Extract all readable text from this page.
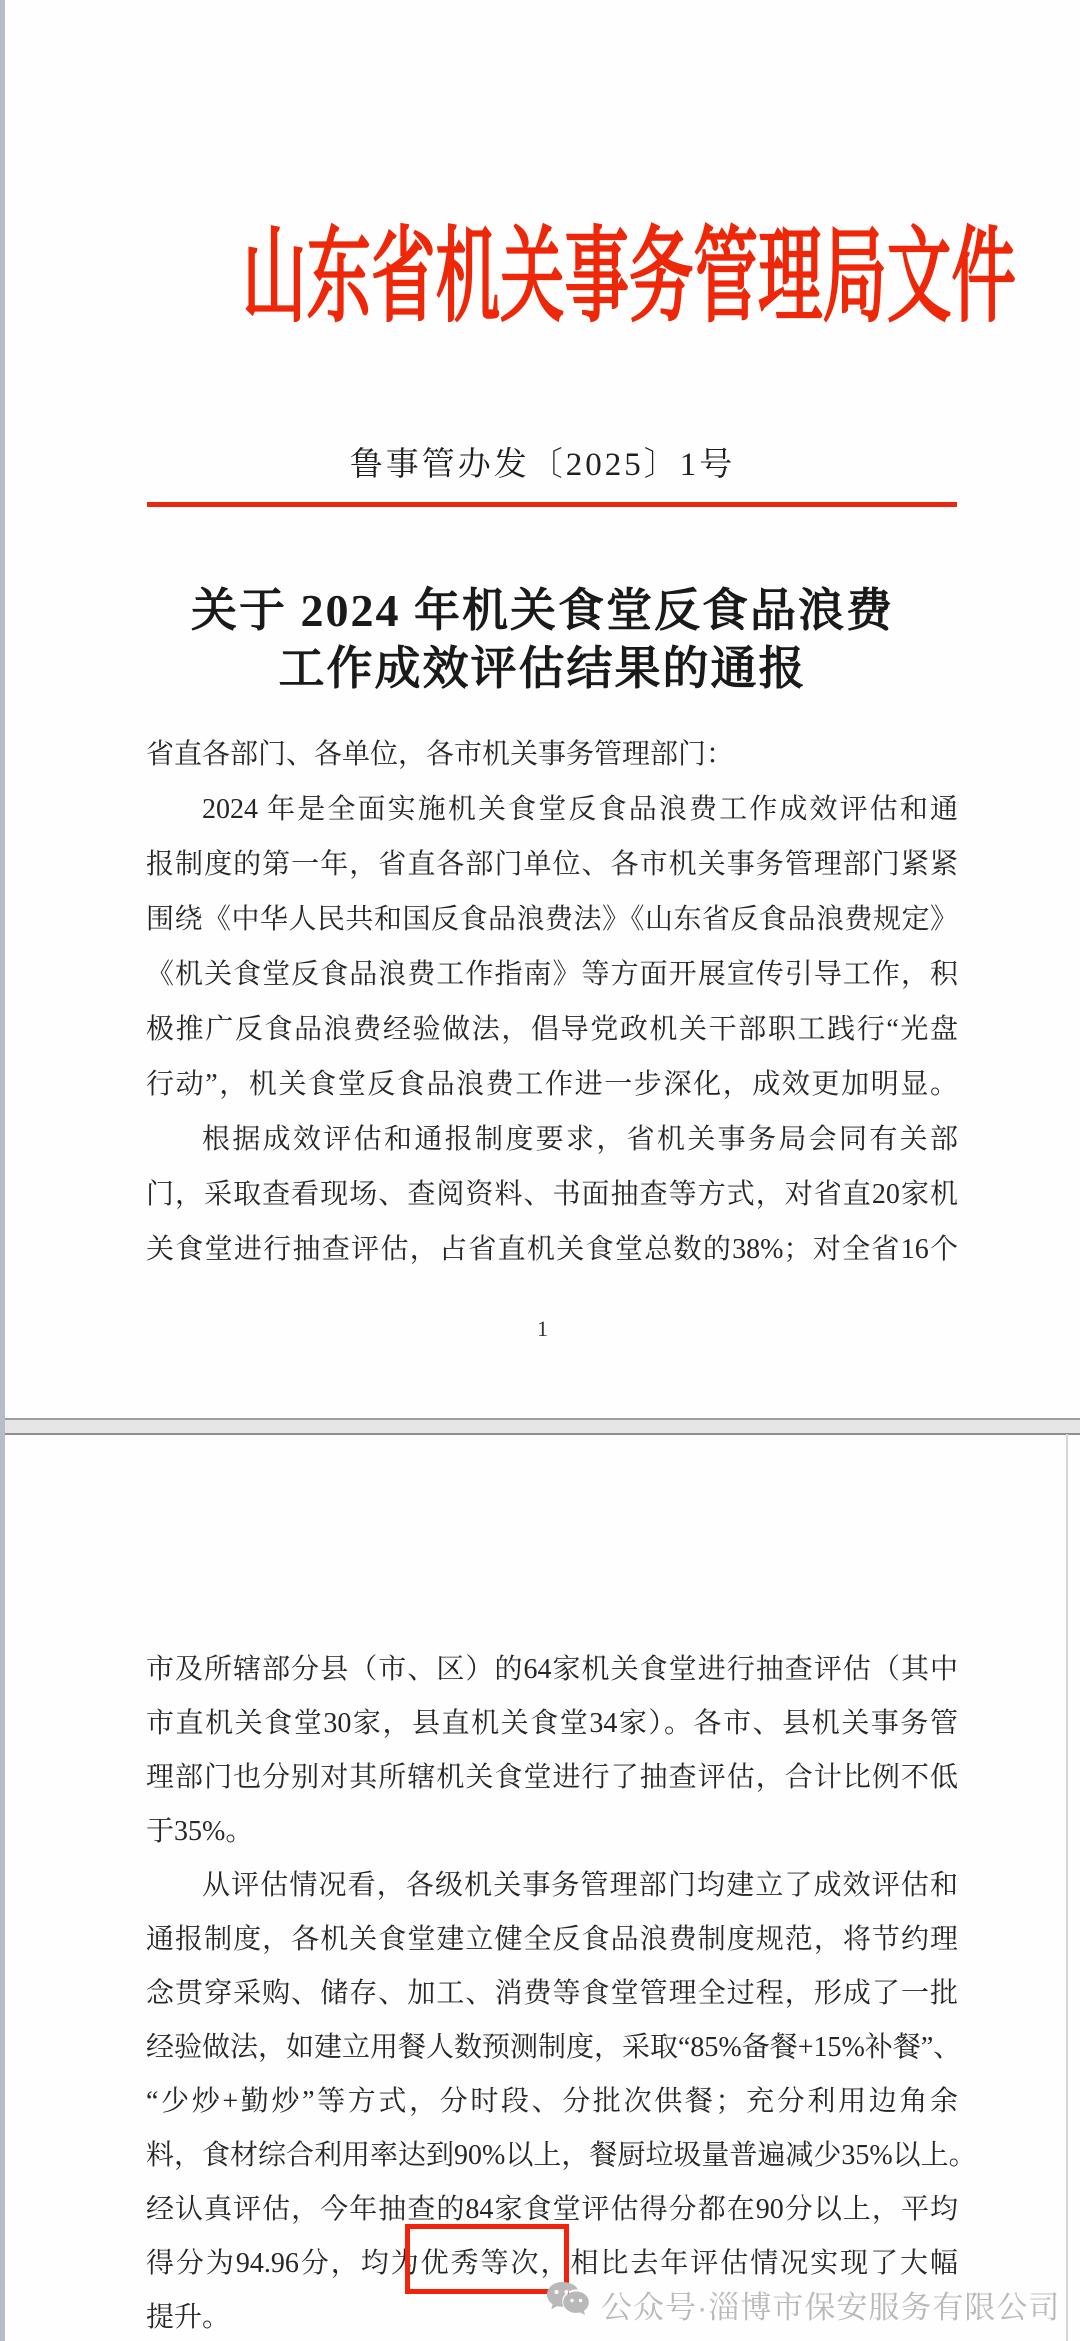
山东省机关事务管理局文件
鲁事管办发〔2025〕1号
关于 2024 年机关食堂反食品浪费
工作成效评估结果的通报
省直各部门、各单位，各市机关事务管理部门：
2024 年是全面实施机关食堂反食品浪费工作成效评估和通
报制度的第一年，省直各部门单位、各市机关事务管理部门紧紧
围绕《中华人民共和国反食品浪费法》《山东省反食品浪费规定》
《机关食堂反食品浪费工作指南》等方面开展宣传引导工作，积
极推广反食品浪费经验做法，倡导党政机关干部职工践行“光盘
行动”，机关食堂反食品浪费工作进一步深化，成效更加明显。
根据成效评估和通报制度要求，省机关事务局会同有关部
门，采取查看现场、查阅资料、书面抽查等方式，对省直20家机
关食堂进行抽查评估，占省直机关食堂总数的38%；对全省16个
1
市及所辖部分县（市、区）的64家机关食堂进行抽查评估（其中
市直机关食堂30家，县直机关食堂34家）。各市、县机关事务管
理部门也分别对其所辖机关食堂进行了抽查评估，合计比例不低
于35%。
从评估情况看，各级机关事务管理部门均建立了成效评估和
通报制度，各机关食堂建立健全反食品浪费制度规范，将节约理
念贯穿采购、储存、加工、消费等食堂管理全过程，形成了一批
经验做法，如建立用餐人数预测制度，采取“85%备餐+15%补餐”、
“少炒+勤炒”等方式，分时段、分批次供餐；充分利用边角余
料，食材综合利用率达到90%以上，餐厨垃圾量普遍减少35%以上。
经认真评估，今年抽查的84家食堂评估得分都在90分以上，平均
得分为94.96分，均为优秀等次，相比去年评估情况实现了大幅
提升。	公众号·淄博市保安服务有限公司
